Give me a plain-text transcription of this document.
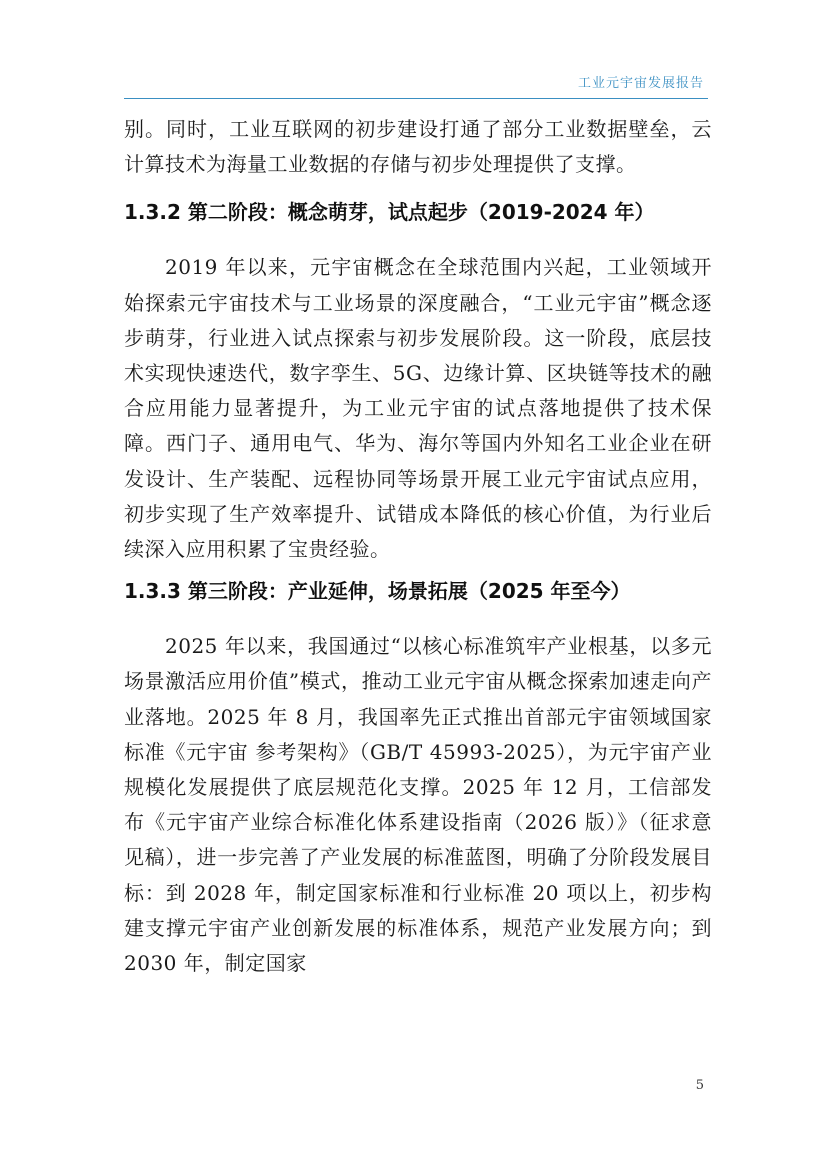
工业元宇宙发展报告

别。同时，工业互联网的初步建设打通了部分工业数据壁垒，云计算技术为海量工业数据的存储与初步处理提供了支撑。

1.3.2 第二阶段：概念萌芽，试点起步（2019-2024 年）

2019 年以来，元宇宙概念在全球范围内兴起，工业领域开始探索元宇宙技术与工业场景的深度融合，“工业元宇宙”概念逐步萌芽，行业进入试点探索与初步发展阶段。这一阶段，底层技术实现快速迭代，数字孪生、5G、边缘计算、区块链等技术的融合应用能力显著提升，为工业元宇宙的试点落地提供了技术保障。西门子、通用电气、华为、海尔等国内外知名工业企业在研发设计、生产装配、远程协同等场景开展工业元宇宙试点应用，初步实现了生产效率提升、试错成本降低的核心价值，为行业后续深入应用积累了宝贵经验。

1.3.3 第三阶段：产业延伸，场景拓展（2025 年至今）

2025 年以来，我国通过“以核心标准筑牢产业根基，以多元场景激活应用价值”模式，推动工业元宇宙从概念探索加速走向产业落地。2025 年 8 月，我国率先正式推出首部元宇宙领域国家标准《元宇宙 参考架构》（GB/T 45993-2025），为元宇宙产业规模化发展提供了底层规范化支撑。2025 年 12 月，工信部发布《元宇宙产业综合标准化体系建设指南（2026 版）》（征求意见稿），进一步完善了产业发展的标准蓝图，明确了分阶段发展目标：到 2028 年，制定国家标准和行业标准 20 项以上，初步构建支撑元宇宙产业创新发展的标准体系，规范产业发展方向；到 2030 年，制定国家

5
